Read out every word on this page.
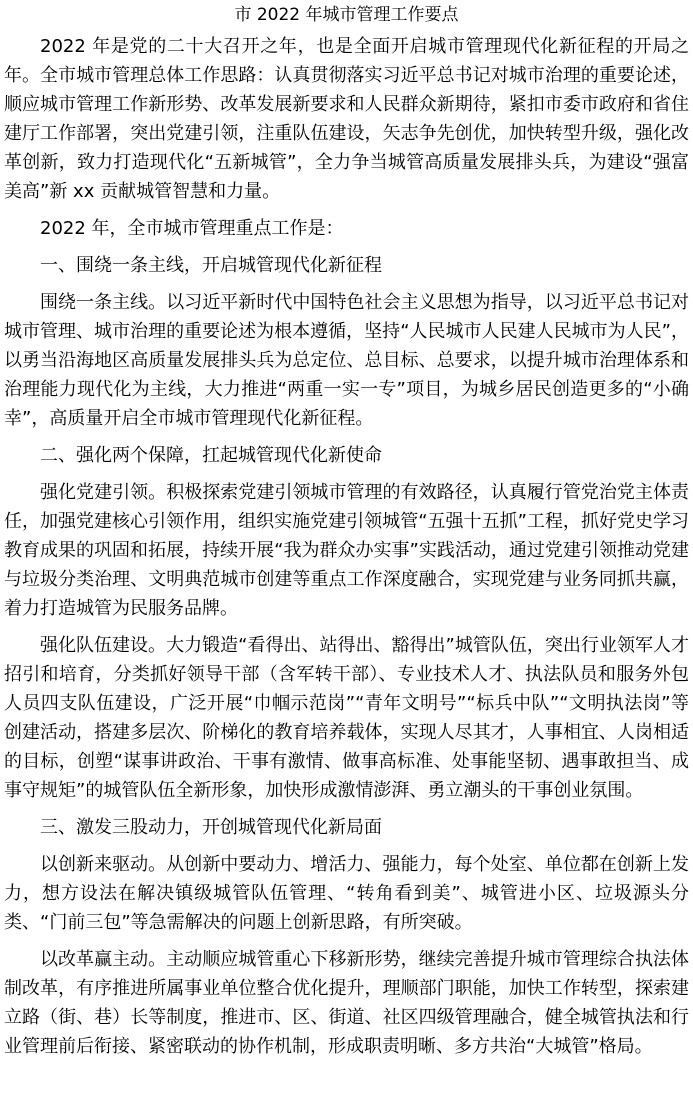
市 2022 年城市管理工作要点

2022 年是党的二十大召开之年，也是全面开启城市管理现代化新征程的开局之年。全市城市管理总体工作思路：认真贯彻落实习近平总书记对城市治理的重要论述，顺应城市管理工作新形势、改革发展新要求和人民群众新期待，紧扣市委市政府和省住建厅工作部署，突出党建引领，注重队伍建设，矢志争先创优，加快转型升级，强化改革创新，致力打造现代化“五新城管”，全力争当城管高质量发展排头兵，为建设“强富美高”新 xx 贡献城管智慧和力量。

2022 年，全市城市管理重点工作是：

一、围绕一条主线，开启城管现代化新征程

围绕一条主线。以习近平新时代中国特色社会主义思想为指导，以习近平总书记对城市管理、城市治理的重要论述为根本遵循，坚持“人民城市人民建人民城市为人民”，以勇当沿海地区高质量发展排头兵为总定位、总目标、总要求，以提升城市治理体系和治理能力现代化为主线，大力推进“两重一实一专”项目，为城乡居民创造更多的“小确幸”，高质量开启全市城市管理现代化新征程。

二、强化两个保障，扛起城管现代化新使命

强化党建引领。积极探索党建引领城市管理的有效路径，认真履行管党治党主体责任，加强党建核心引领作用，组织实施党建引领城管“五强十五抓”工程，抓好党史学习教育成果的巩固和拓展，持续开展“我为群众办实事”实践活动，通过党建引领推动党建与垃圾分类治理、文明典范城市创建等重点工作深度融合，实现党建与业务同抓共赢，着力打造城管为民服务品牌。

强化队伍建设。大力锻造“看得出、站得出、豁得出”城管队伍，突出行业领军人才招引和培育，分类抓好领导干部（含军转干部）、专业技术人才、执法队员和服务外包人员四支队伍建设，广泛开展“巾帼示范岗”“青年文明号”“标兵中队”“文明执法岗”等创建活动，搭建多层次、阶梯化的教育培养载体，实现人尽其才，人事相宜、人岗相适的目标，创塑“谋事讲政治、干事有激情、做事高标准、处事能坚韧、遇事敢担当、成事守规矩”的城管队伍全新形象，加快形成激情澎湃、勇立潮头的干事创业氛围。

三、激发三股动力，开创城管现代化新局面

以创新来驱动。从创新中要动力、增活力、强能力，每个处室、单位都在创新上发力，想方设法在解决镇级城管队伍管理、“转角看到美”、城管进小区、垃圾源头分类、“门前三包”等急需解决的问题上创新思路，有所突破。

以改革赢主动。主动顺应城管重心下移新形势，继续完善提升城市管理综合执法体制改革，有序推进所属事业单位整合优化提升，理顺部门职能，加快工作转型，探索建立路（街、巷）长等制度，推进市、区、街道、社区四级管理融合，健全城管执法和行业管理前后衔接、紧密联动的协作机制，形成职责明晰、多方共治“大城管”格局。
